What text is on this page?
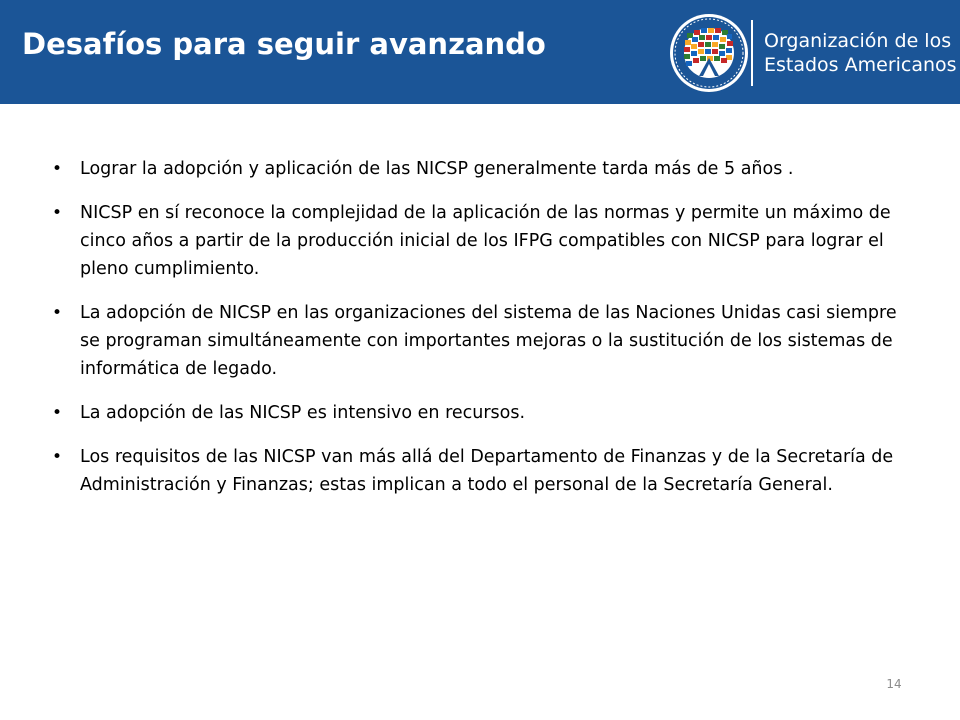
Desafíos para seguir avanzando	Organización de los
Estados Americanos
• Lograr la adopción y aplicación de las NICSP generalmente tarda más de 5 años .
• NICSP en sí reconoce la complejidad de la aplicación de las normas y permite un máximo de cinco años a partir de la producción inicial de los IFPG compatibles con NICSP para lograr el pleno cumplimiento.
• La adopción de NICSP en las organizaciones del sistema de las Naciones Unidas casi siempre se programan simultáneamente con importantes mejoras o la sustitución de los sistemas de informática de legado.
• La adopción de las NICSP es intensivo en recursos.
• Los requisitos de las NICSP van más allá del Departamento de Finanzas y de la Secretaría de Administración y Finanzas; estas implican a todo el personal de la Secretaría General.
14
